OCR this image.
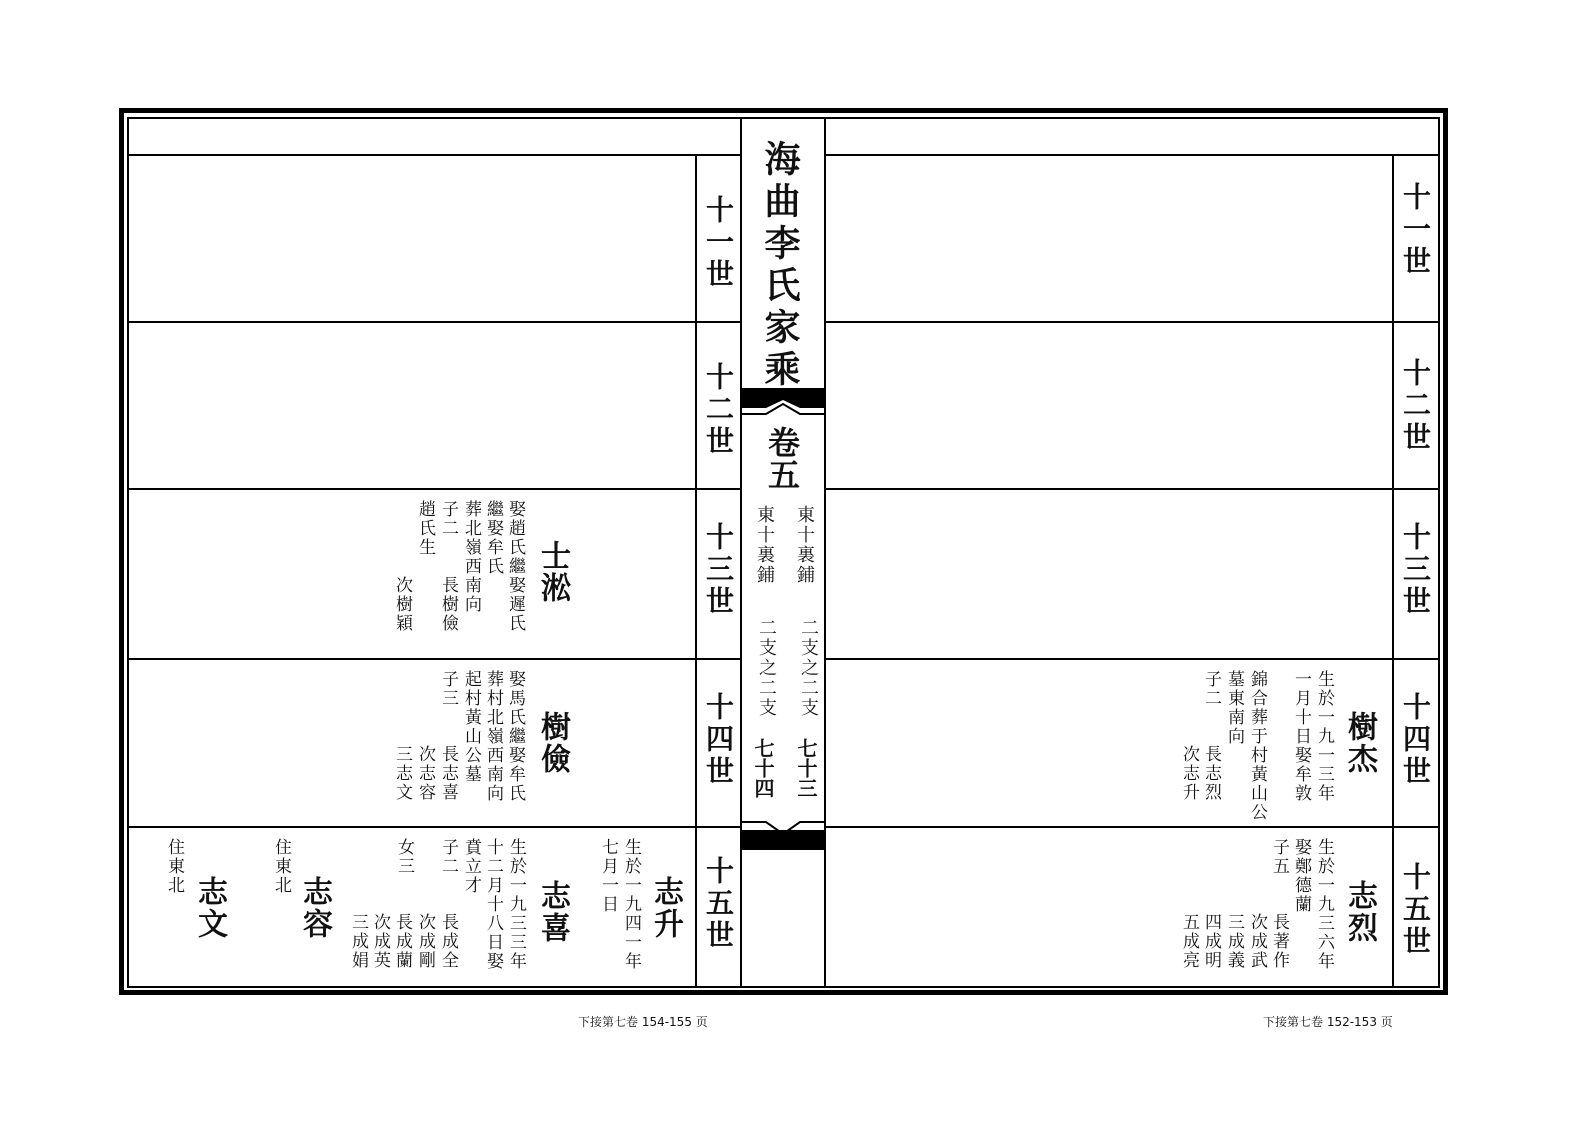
海曲李氏家乘
卷五
東十裏鋪
東十裏鋪
二支之二支
二支之二支
七十三
七十四
十一世
十二世
十三世
十四世
十五世
十一世
十二世
十三世
十四世
十五世
士淞
娶趙氏繼娶遲氏
繼娶牟氏
葬北嶺西南向
子二
趙氏生
長樹儉
次樹穎
樹儉
娶馬氏繼娶牟氏
葬村北嶺西南向
起村黃山公墓
子三
長志喜
次志容
三志文
志升
生於一九四一年
七月一日
志喜
生於一九三三年
十二月十八日娶
賁立才
子二
女三
長成全
次成剛
長成蘭
次成英
三成娟
志容
住東北
志文
住東北
樹杰
生於一九一三年
一月十日娶牟敦
錦合葬于村黃山公
墓東南向
子二
長志烈
次志升
志烈
生於一九三六年
娶鄭德蘭
子五
長著作
次成武
三成義
四成明
五成亮
下接第七卷 154-155 页	下接第七卷 152-153 页
